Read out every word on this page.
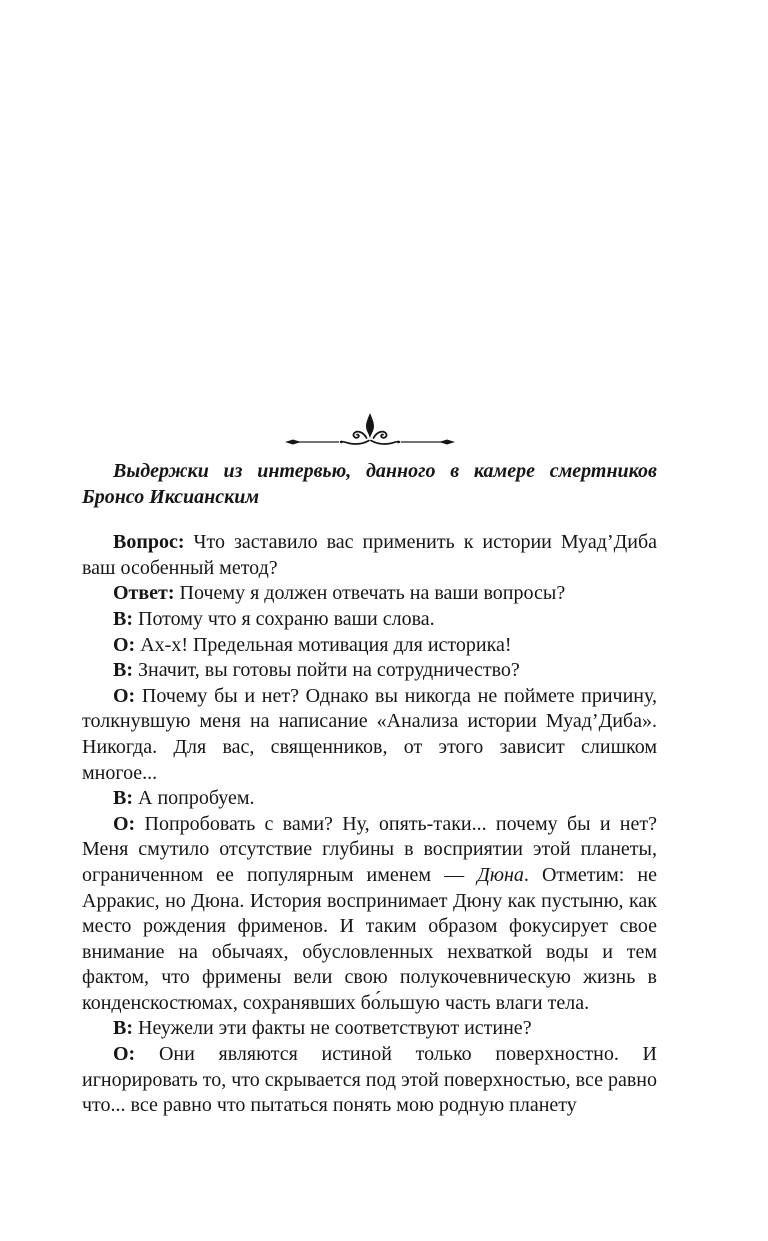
Выдержки из интервью, данного в камере смертников Бронсо Иксианским

Вопрос: Что заставило вас применить к истории Муад’Диба ваш особенный метод?

Ответ: Почему я должен отвечать на ваши вопросы?

В: Потому что я сохраню ваши слова.

О: Ах-х! Предельная мотивация для историка!

В: Значит, вы готовы пойти на сотрудничество?

О: Почему бы и нет? Однако вы никогда не поймете причину, толкнувшую меня на написание «Анализа истории Муад’Диба». Никогда. Для вас, священников, от этого зависит слишком многое...

В: А попробуем.

О: Попробовать с вами? Ну, опять-таки... почему бы и нет? Меня смутило отсутствие глубины в восприятии этой планеты, ограниченном ее популярным именем — Дюна. Отметим: не Арракис, но Дюна. История воспринимает Дюну как пустыню, как место рождения фрименов. И таким образом фокусирует свое внимание на обычаях, обусловленных нехваткой воды и тем фактом, что фримены вели свою полукочевническую жизнь в конденскостюмах, сохранявших бо́льшую часть влаги тела.

В: Неужели эти факты не соответствуют истине?

О: Они являются истиной только поверхностно. И игнорировать то, что скрывается под этой поверхностью, все равно что... все равно что пытаться понять мою родную планету
